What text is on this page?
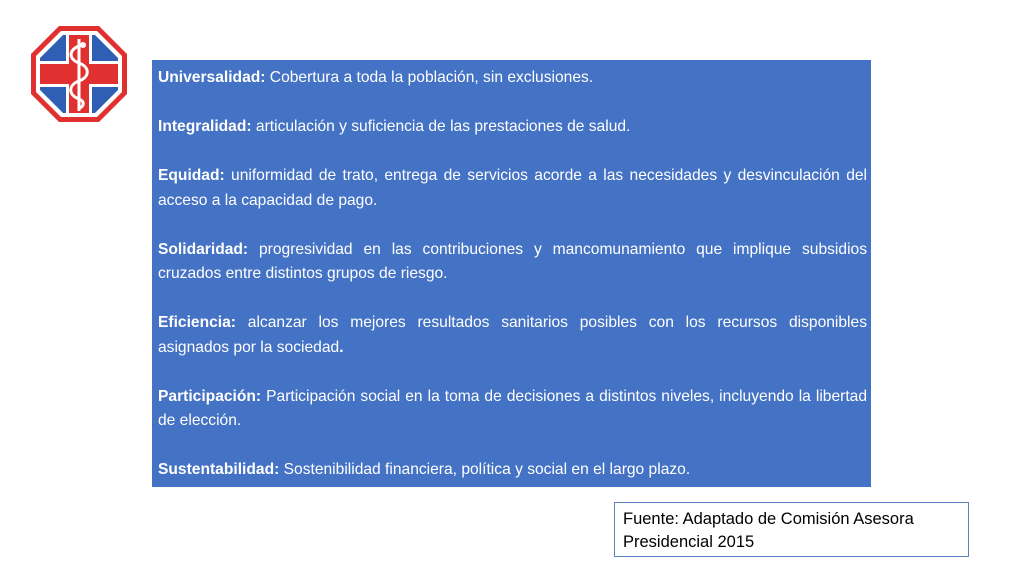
Universalidad: Cobertura a toda la población, sin exclusiones.

Integralidad: articulación y suficiencia de las prestaciones de salud.

Equidad: uniformidad de trato, entrega de servicios acorde a las necesidades y desvinculación del acceso a la capacidad de pago.

Solidaridad: progresividad en las contribuciones y mancomunamiento que implique subsidios cruzados entre distintos grupos de riesgo.

Eficiencia: alcanzar los mejores resultados sanitarios posibles con los recursos disponibles asignados por la sociedad.

Participación: Participación social en la toma de decisiones a distintos niveles, incluyendo la libertad de elección.

Sustentabilidad: Sostenibilidad financiera, política y social en el largo plazo.

Fuente: Adaptado de Comisión Asesora
Presidencial 2015
